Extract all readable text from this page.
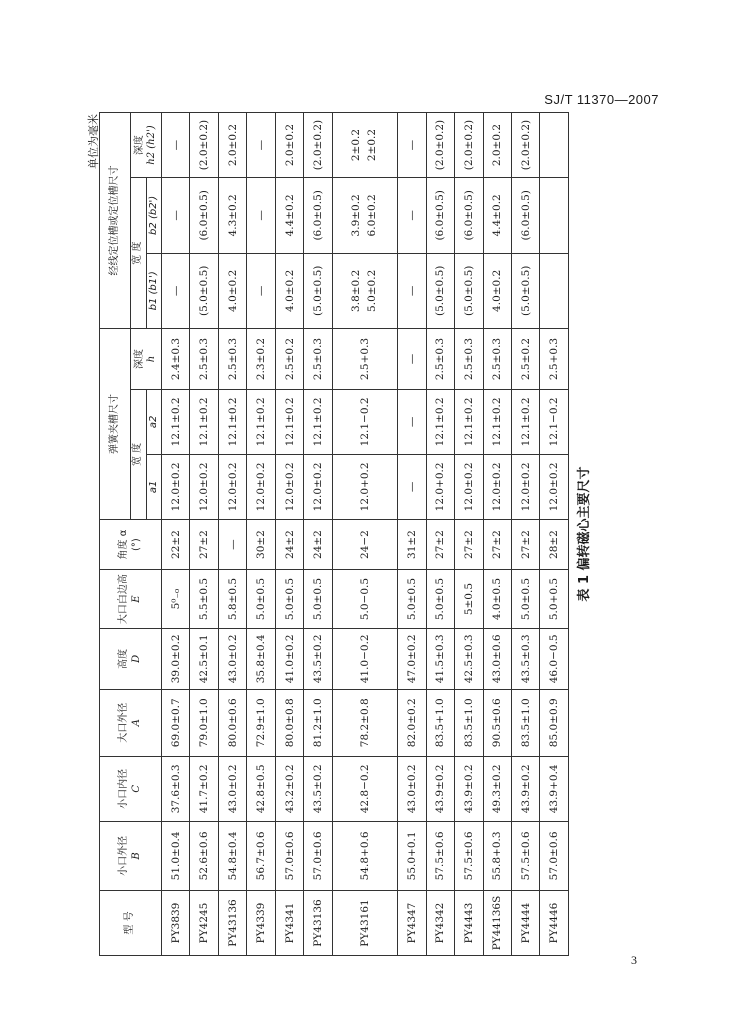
SJ/T 11370—2007
单位为毫米
型 号	小口外径 B	小口内径 C	大口外径 A	高度 D	大口白边高 E	角度 α (°)	弹簧夹槽尺寸			经线定位槽或定位槽尺寸		
							宽 度		深度 h	宽 度		深度 h2 (h2')
							a1	a2		b1 (b1')	b2 (b2')	
PY3839	51.0±0.4	37.6±0.3	69.0±0.7	39.0±0.2	5⁰₋₀	22±2	12.0±0.2	12.1±0.2	2.4±0.3	—	—	—
PY4245	52.6±0.6	41.7±0.2	79.0±1.0	42.5±0.1	5.5±0.5	27±2	12.0±0.2	12.1±0.2	2.5±0.3	(5.0±0.5)	(6.0±0.5)	(2.0±0.2)
PY43136	54.8±0.4	43.0±0.2	80.0±0.6	43.0±0.2	5.8±0.5	—	12.0±0.2	12.1±0.2	2.5±0.3	4.0±0.2	4.3±0.2	2.0±0.2
PY4339	56.7±0.6	42.8±0.5	72.9±1.0	35.8±0.4	5.0±0.5	30±2	12.0±0.2	12.1±0.2	2.3±0.2	—	—	—
PY4341	57.0±0.6	43.2±0.2	80.0±0.8	41.0±0.2	5.0±0.5	24±2	12.0±0.2	12.1±0.2	2.5±0.2	4.0±0.2	4.4±0.2	2.0±0.2
PY43136	57.0±0.6	43.5±0.2	81.2±1.0	43.5±0.2	5.0±0.5	24±2	12.0±0.2	12.1±0.2	2.5±0.3	(5.0±0.5)	(6.0±0.5)	(2.0±0.2)
PY43161	54.8+0.6	42.8−0.2	78.2±0.8	41.0−0.2	5.0−0.5	24−2	12.0+0.2	12.1−0.2	2.5+0.3	3.8±0.2 5.0±0.2	3.9±0.2 6.0±0.2	2±0.2 2±0.2
PY4347	55.0+0.1	43.0±0.2	82.0±0.2	47.0±0.2	5.0±0.5	31±2	—	—	—	—	—	—
PY4342	57.5±0.6	43.9±0.2	83.5+1.0	41.5±0.3	5.0±0.5	27±2	12.0+0.2	12.1±0.2	2.5±0.3	(5.0±0.5)	(6.0±0.5)	(2.0±0.2)
PY4443	57.5±0.6	43.9±0.2	83.5±1.0	42.5±0.3	5±0.5	27±2	12.0±0.2	12.1±0.2	2.5±0.3	(5.0±0.5)	(6.0±0.5)	(2.0±0.2)
PY44136S	55.8+0.3	49.3±0.2	90.5±0.6	43.0±0.6	4.0±0.5	27±2	12.0±0.2	12.1±0.2	2.5±0.3	4.0±0.2	4.4±0.2	2.0±0.2
PY4444	57.5±0.6	43.9±0.2	83.5±1.0	43.5±0.3	5.0±0.5	27±2	12.0±0.2	12.1±0.2	2.5±0.2	(5.0±0.5)	(6.0±0.5)	(2.0±0.2)
PY4446	57.0±0.6	43.9+0.4	85.0±0.9	46.0−0.5	5.0+0.5	28±2	12.0±0.2	12.1−0.2	2.5+0.3			
表 1 偏转磁心主要尺寸
3
